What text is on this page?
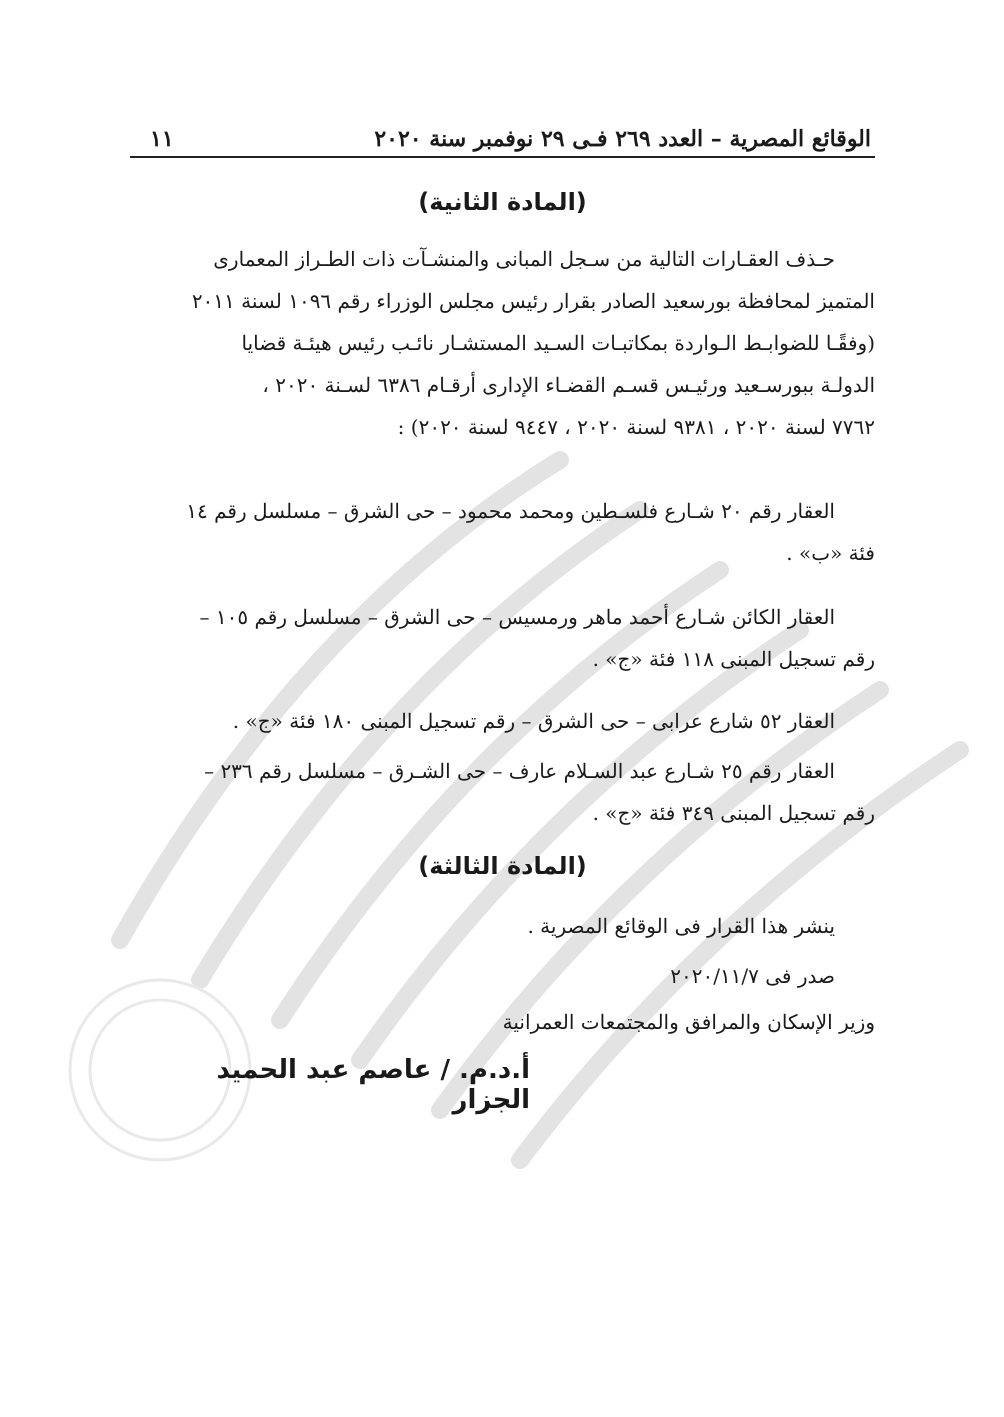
الوقائع المصرية – العدد ٢٦٩ فـى ٢٩ نوفمبر سنة ٢٠٢٠
١١
(المادة الثانية)
حـذف العقـارات التالية من سـجل المبانى والمنشـآت ذات الطـراز المعمارى
المتميز لمحافظة بورسعيد الصادر بقرار رئيس مجلس الوزراء رقم ١٠٩٦ لسنة ٢٠١١
(وفقًـا للضوابـط الـواردة بمكاتبـات السـيد المستشـار نائـب رئيس هيئـة قضايا
الدولـة ببورسـعيد ورئيـس قسـم القضـاء الإدارى أرقـام ٦٣٨٦ لسـنة ٢٠٢٠ ،
٧٧٦٢ لسنة ٢٠٢٠ ، ٩٣٨١ لسنة ٢٠٢٠ ، ٩٤٤٧ لسنة ٢٠٢٠) :
العقار رقم ٢٠ شـارع فلسـطين ومحمد محمود – حى الشرق – مسلسل رقم ١٤
فئة «ب» .
العقار الكائن شـارع أحمد ماهر ورمسيس – حى الشرق – مسلسل رقم ١٠٥ –
رقم تسجيل المبنى ١١٨ فئة «ج» .
العقار ٥٢ شارع عرابى – حى الشرق – رقم تسجيل المبنى ١٨٠ فئة «ج» .
العقار رقم ٢٥ شـارع عبد السـلام عارف – حى الشـرق – مسلسل رقم ٢٣٦ –
رقم تسجيل المبنى ٣٤٩ فئة «ج» .
(المادة الثالثة)
ينشر هذا القرار فى الوقائع المصرية .
صدر فى ٢٠٢٠/١١/٧
وزير الإسكان والمرافق والمجتمعات العمرانية
أ.د.م. / عاصم عبد الحميد الجزار
